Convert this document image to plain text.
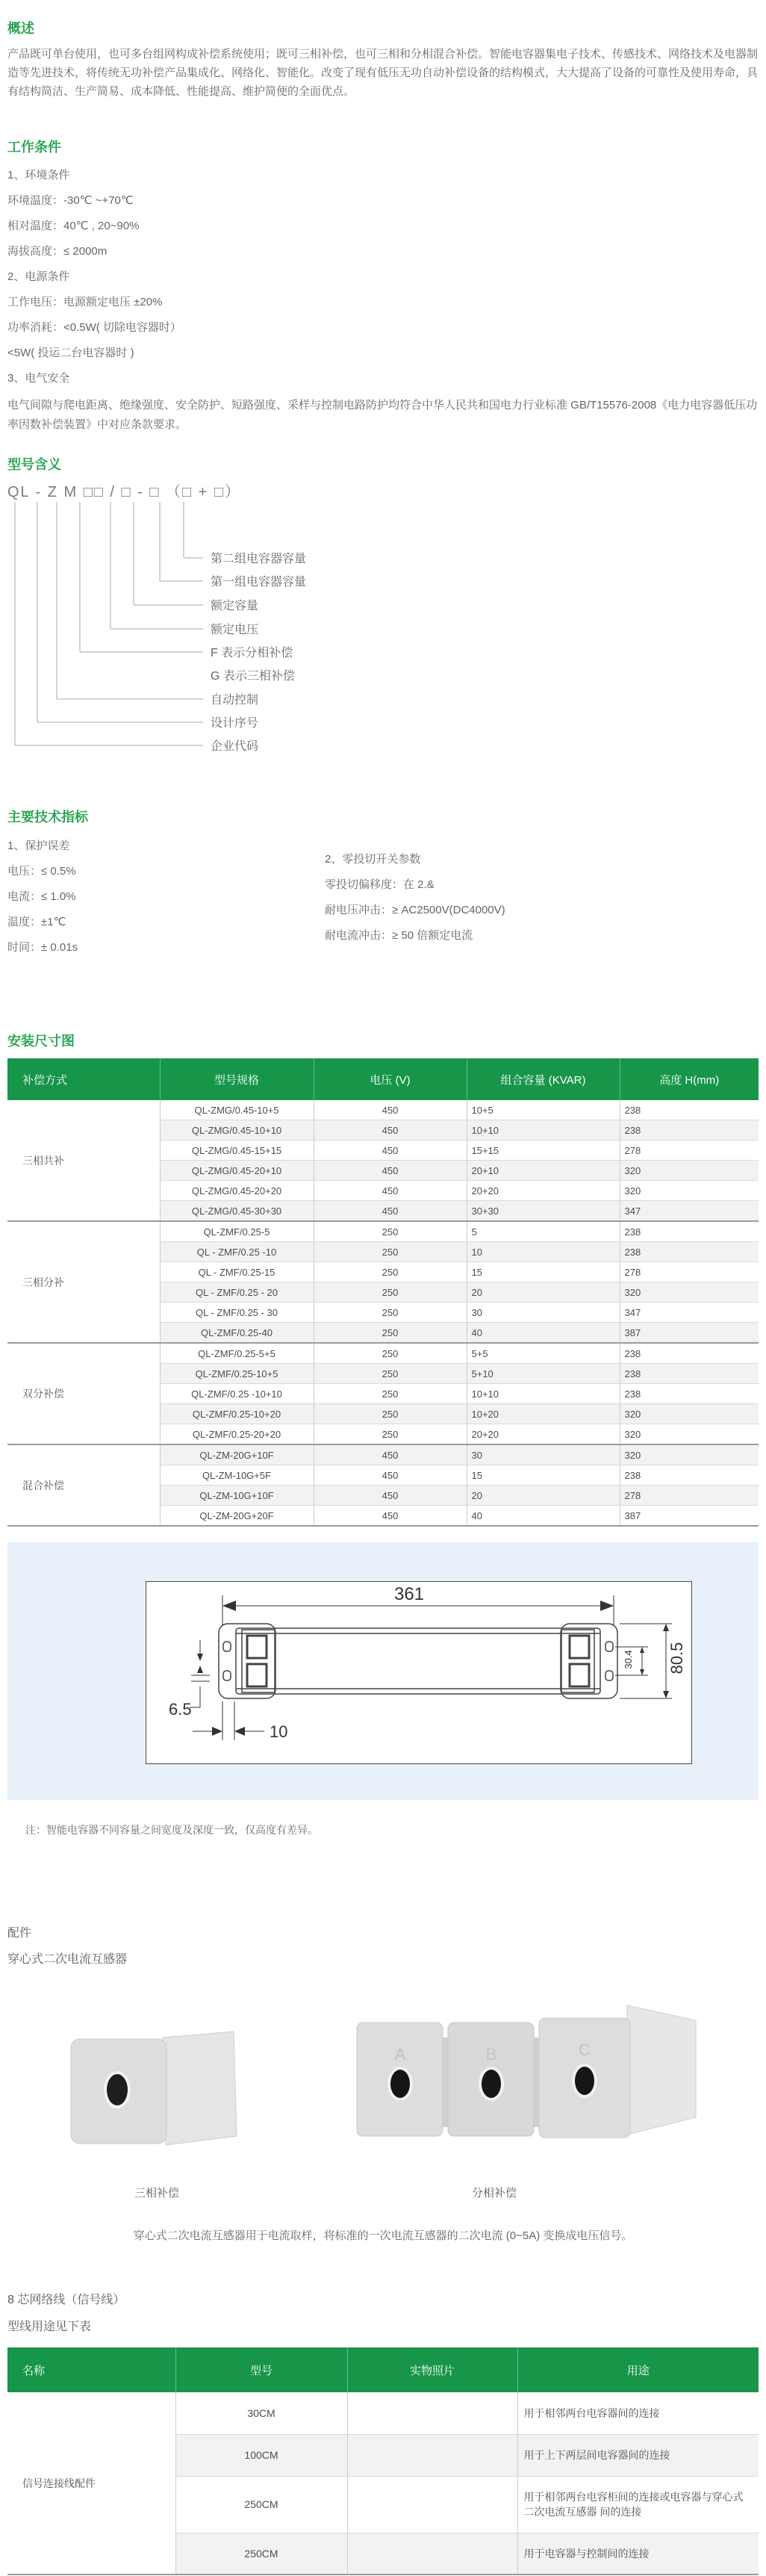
概述
产品既可单台使用，也可多台组网构成补偿系统使用；既可三相补偿，也可三相和分相混合补偿。智能电容器集电子技术、传感技术、网络技术及电器制造等先进技术，将传统无功补偿产品集成化、网络化、智能化。改变了现有低压无功自动补偿设备的结构模式，大大提高了设备的可靠性及使用寿命，具有结构简洁、生产简易、成本降低、性能提高、维护简便的全面优点。
工作条件
1、环境条件
环境温度：-30℃ ~+70℃
相对温度：40℃ , 20~90%
海拔高度：≤ 2000m
2、电源条件
工作电压：电源额定电压 ±20%
功率消耗：<0.5W( 切除电容器时）
<5W( 投运二台电容器时 )
3、电气安全
电气间隙与爬电距离、绝缘强度、安全防护、短路强度、采样与控制电路防护均符合中华人民共和国电力行业标准 GB/T15576-2008《电力电容器低压功率因数补偿装置》中对应条款要求。
型号含义
QL - Z M □□ / □ - □ （□ + □）
第二组电容器容量
第一组电容器容量
额定容量
额定电压
F 表示分相补偿
G 表示三相补偿
自动控制
设计序号
企业代码
主要技术指标
1、保护误差
电压：≤ 0.5%
电流：≤ 1.0%
温度：±1℃
时间：± 0.01s
2、零投切开关参数
零投切偏移度：在 2.&
耐电压冲击：≥ AC2500V(DC4000V)
耐电流冲击：≥ 50 倍额定电流
安装尺寸图
补偿方式	型号规格	电压 (V)	组合容量 (KVAR)	高度 H(mm)
三相共补	QL-ZMG/0.45-10+5	450	10+5	238
	QL-ZMG/0.45-10+10	450	10+10	238
	QL-ZMG/0.45-15+15	450	15+15	278
	QL-ZMG/0.45-20+10	450	20+10	320
	QL-ZMG/0.45-20+20	450	20+20	320
	QL-ZMG/0.45-30+30	450	30+30	347
三相分补	QL-ZMF/0.25-5	250	5	238
	QL - ZMF/0.25 -10	250	10	238
	QL - ZMF/0.25-15	250	15	278
	QL - ZMF/0.25 - 20	250	20	320
	QL - ZMF/0.25 - 30	250	30	347
	QL-ZMF/0.25-40	250	40	387
双分补偿	QL-ZMF/0.25-5+5	250	5+5	238
	QL-ZMF/0.25-10+5	250	5+10	238
	QL-ZMF/0.25 -10+10	250	10+10	238
	QL-ZMF/0.25-10+20	250	10+20	320
	QL-ZMF/0.25-20+20	250	20+20	320
混合补偿	QL-ZM-20G+10F	450	30	320
	QL-ZM-10G+5F	450	15	238
	QL-ZM-10G+10F	450	20	278
	QL-ZM-20G+20F	450	40	387
361
80.5
30.4
6.5
10
注：智能电容器不同容量之间宽度及深度一致，仅高度有差异。
配件
穿心式二次电流互感器
A	B	C
三相补偿	分相补偿
穿心式二次电流互感器用于电流取样，将标准的一次电流互感器的二次电流 (0~5A) 变换成电压信号。
8 芯网络线（信号线）
型线用途见下表
名称	型号	实物照片	用途
信号连接线配件	30CM		用于相邻两台电容器间的连接
	100CM		用于上下两层间电容器间的连接
	250CM		用于相邻两台电容柜间的连接或电容器与穿心式二次电流互感器 间的连接
	250CM		用于电容器与控制间的连接
